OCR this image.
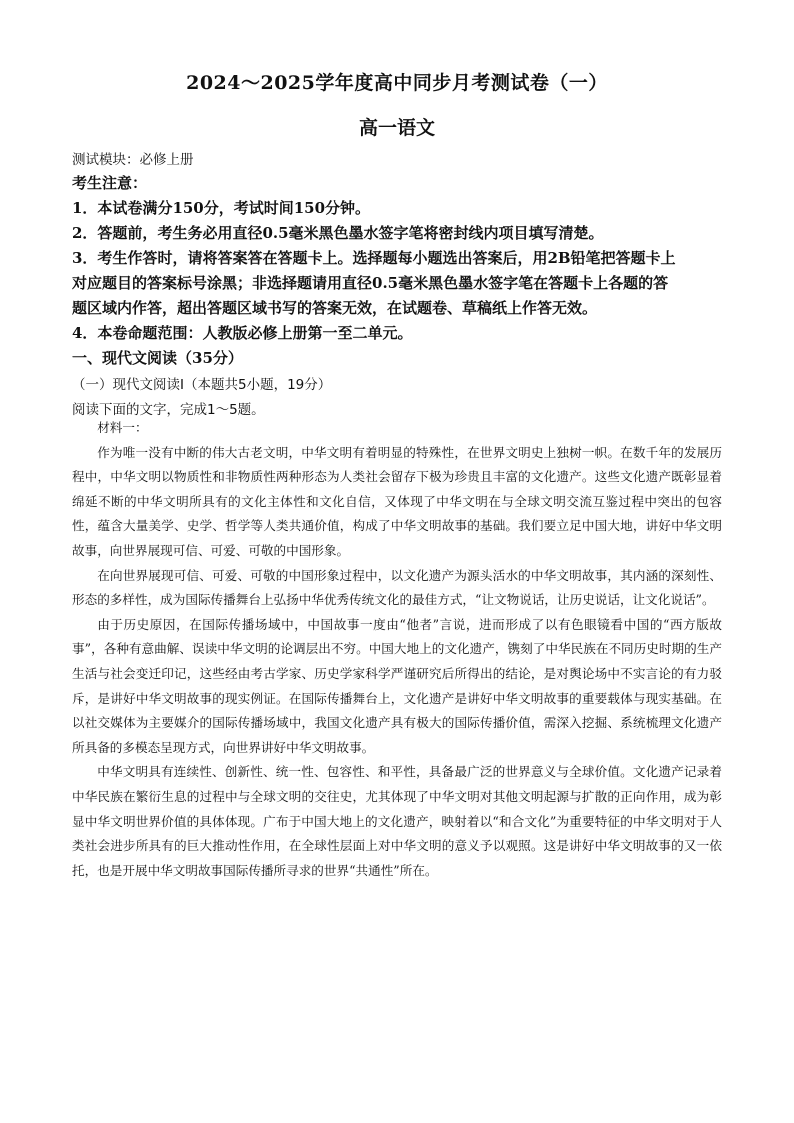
2024～2025学年度高中同步月考测试卷（一）
高一语文
测试模块：必修上册
考生注意：
1．本试卷满分150分，考试时间150分钟。
2．答题前，考生务必用直径0.5毫米黑色墨水签字笔将密封线内项目填写清楚。
3．考生作答时，请将答案答在答题卡上。选择题每小题选出答案后，用2B铅笔把答题卡上
对应题目的答案标号涂黑；非选择题请用直径0.5毫米黑色墨水签字笔在答题卡上各题的答
题区域内作答，超出答题区域书写的答案无效，在试题卷、草稿纸上作答无效。
4．本卷命题范围：人教版必修上册第一至二单元。
一、现代文阅读（35分）
（一）现代文阅读Ⅰ（本题共5小题，19分）
阅读下面的文字，完成1～5题。

材料一：

作为唯一没有中断的伟大古老文明，中华文明有着明显的特殊性，在世界文明史上独树一帜。在数千年的发展历程中，中华文明以物质性和非物质性两种形态为人类社会留存下极为珍贵且丰富的文化遗产。这些文化遗产既彰显着绵延不断的中华文明所具有的文化主体性和文化自信，又体现了中华文明在与全球文明交流互鉴过程中突出的包容性，蕴含大量美学、史学、哲学等人类共通价值，构成了中华文明故事的基础。我们要立足中国大地，讲好中华文明故事，向世界展现可信、可爱、可敬的中国形象。

在向世界展现可信、可爱、可敬的中国形象过程中，以文化遗产为源头活水的中华文明故事，其内涵的深刻性、形态的多样性，成为国际传播舞台上弘扬中华优秀传统文化的最佳方式，“让文物说话，让历史说话，让文化说话”。

由于历史原因，在国际传播场域中，中国故事一度由“他者”言说，进而形成了以有色眼镜看中国的“西方版故事”，各种有意曲解、误读中华文明的论调层出不穷。中国大地上的文化遗产，镌刻了中华民族在不同历史时期的生产生活与社会变迁印记，这些经由考古学家、历史学家科学严谨研究后所得出的结论，是对舆论场中不实言论的有力驳斥，是讲好中华文明故事的现实例证。在国际传播舞台上，文化遗产是讲好中华文明故事的重要载体与现实基础。在以社交媒体为主要媒介的国际传播场域中，我国文化遗产具有极大的国际传播价值，需深入挖掘、系统梳理文化遗产所具备的多模态呈现方式，向世界讲好中华文明故事。

中华文明具有连续性、创新性、统一性、包容性、和平性，具备最广泛的世界意义与全球价值。文化遗产记录着中华民族在繁衍生息的过程中与全球文明的交往史，尤其体现了中华文明对其他文明起源与扩散的正向作用，成为彰显中华文明世界价值的具体体现。广布于中国大地上的文化遗产，映射着以“和合文化”为重要特征的中华文明对于人类社会进步所具有的巨大推动性作用，在全球性层面上对中华文明的意义予以观照。这是讲好中华文明故事的又一依托，也是开展中华文明故事国际传播所寻求的世界“共通性”所在。
